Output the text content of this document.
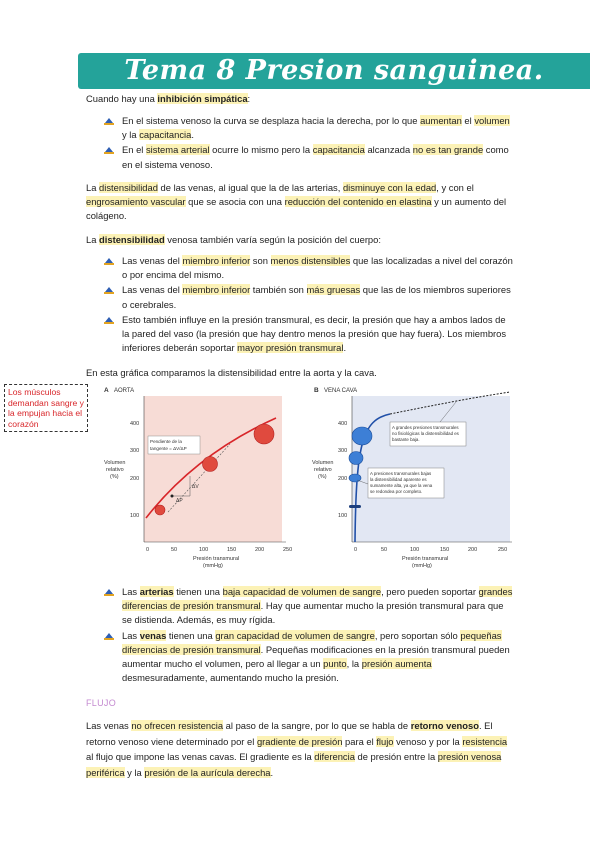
Tema 8 Presion sanguinea.
Cuando hay una inhibición simpática:
En el sistema venoso la curva se desplaza hacia la derecha, por lo que aumentan el volumen y la capacitancia.
En el sistema arterial ocurre lo mismo pero la capacitancia alcanzada no es tan grande como en el sistema venoso.
La distensibilidad de las venas, al igual que la de las arterias, disminuye con la edad, y con el engrosamiento vascular que se asocia con una reducción del contenido en elastina y un aumento del colágeno.
La distensibilidad venosa también varía según la posición del cuerpo:
Las venas del miembro inferior son menos distensibles que las localizadas a nivel del corazón o por encima del mismo.
Las venas del miembro inferior también son más gruesas que las de los miembros superiores o cerebrales.
Esto también influye en la presión transmural, es decir, la presión que hay a ambos lados de la pared del vaso (la presión que hay dentro menos la presión que hay fuera). Los miembros inferiores deberán soportar mayor presión transmural.
En esta gráfica comparamos la distensibilidad entre la aorta y la cava.
Los músculos demandan sangre y la empujan hacia el corazón
A AORTA
100
200
300
400
0	50	100	150	200	250
Volumen
relativo
(%)
Presión transmural
(mmHg)
ΔV
ΔP
Pendiente de la
tangente = ΔV/ΔP
B VENA CAVA
100
200
300
400
0	50	100	150	200	250
Volumen
relativo
(%)
Presión transmural
(mmHg)
A grandes presiones transmurales
no fisiológicas la distensibilidad es
bastante baja.
A presiones transmurales bajas
la distensibilidad aparente es
sumamente alta, ya que la vena
se redondea por completo.
Las arterias tienen una baja capacidad de volumen de sangre, pero pueden soportar grandes diferencias de presión transmural. Hay que aumentar mucho la presión transmural para que se distienda. Además, es muy rígida.
Las venas tienen una gran capacidad de volumen de sangre, pero soportan sólo pequeñas diferencias de presión transmural. Pequeñas modificaciones en la presión transmural pueden aumentar mucho el volumen, pero al llegar a un punto, la presión aumenta desmesuradamente, aumentando mucho la presión.
FLUJO
Las venas no ofrecen resistencia al paso de la sangre, por lo que se habla de retorno venoso. El retorno venoso viene determinado por el gradiente de presión para el flujo venoso y por la resistencia al flujo que impone las venas cavas. El gradiente es la diferencia de presión entre la presión venosa periférica y la presión de la aurícula derecha.
